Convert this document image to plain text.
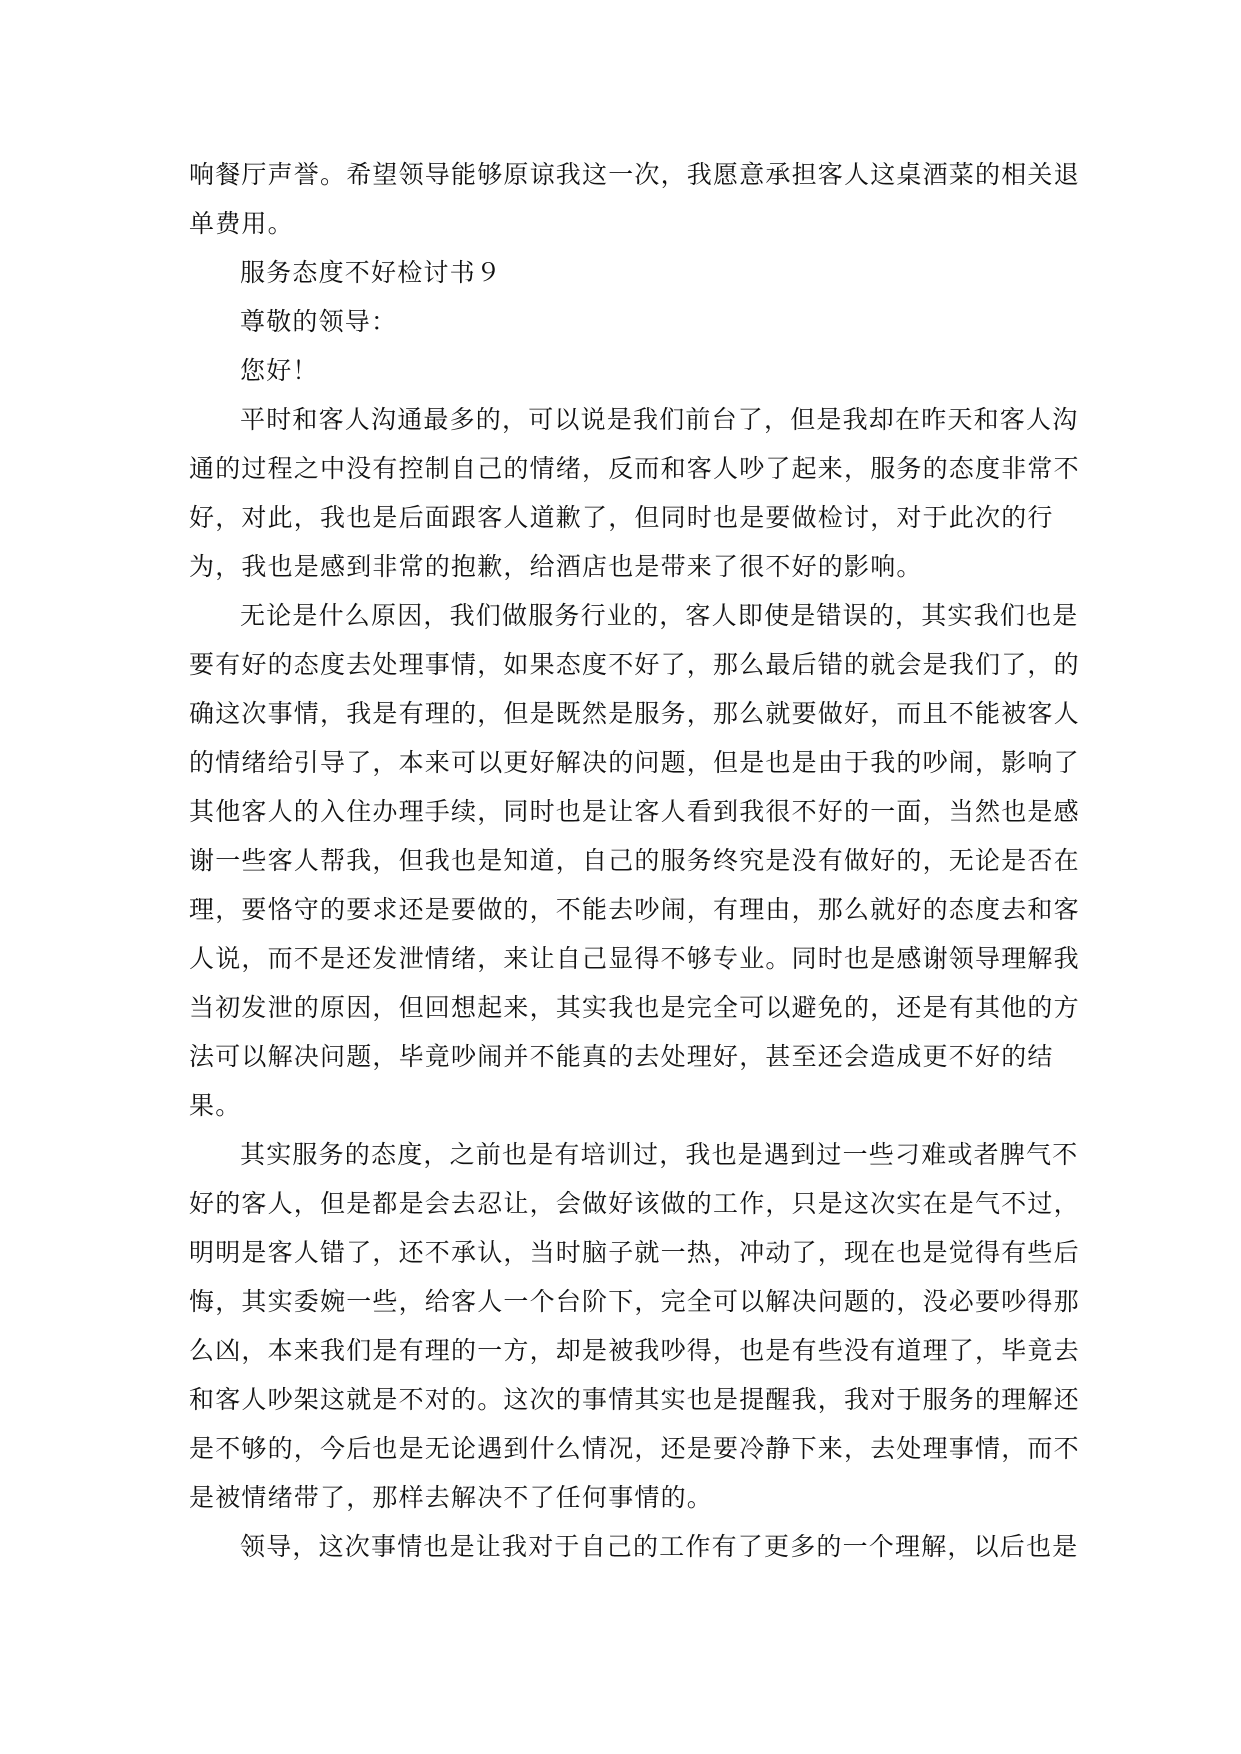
响餐厅声誉。希望领导能够原谅我这一次，我愿意承担客人这桌酒菜的相关退

单费用。

服务态度不好检讨书９

尊敬的领导：

您好！

平时和客人沟通最多的，可以说是我们前台了，但是我却在昨天和客人沟

通的过程之中没有控制自己的情绪，反而和客人吵了起来，服务的态度非常不

好，对此，我也是后面跟客人道歉了，但同时也是要做检讨，对于此次的行

为，我也是感到非常的抱歉，给酒店也是带来了很不好的影响。

无论是什么原因，我们做服务行业的，客人即使是错误的，其实我们也是

要有好的态度去处理事情，如果态度不好了，那么最后错的就会是我们了，的

确这次事情，我是有理的，但是既然是服务，那么就要做好，而且不能被客人

的情绪给引导了，本来可以更好解决的问题，但是也是由于我的吵闹，影响了

其他客人的入住办理手续，同时也是让客人看到我很不好的一面，当然也是感

谢一些客人帮我，但我也是知道，自己的服务终究是没有做好的，无论是否在

理，要恪守的要求还是要做的，不能去吵闹，有理由，那么就好的态度去和客

人说，而不是还发泄情绪，来让自己显得不够专业。同时也是感谢领导理解我

当初发泄的原因，但回想起来，其实我也是完全可以避免的，还是有其他的方

法可以解决问题，毕竟吵闹并不能真的去处理好，甚至还会造成更不好的结

果。

其实服务的态度，之前也是有培训过，我也是遇到过一些刁难或者脾气不

好的客人，但是都是会去忍让，会做好该做的工作，只是这次实在是气不过，

明明是客人错了，还不承认，当时脑子就一热，冲动了，现在也是觉得有些后

悔，其实委婉一些，给客人一个台阶下，完全可以解决问题的，没必要吵得那

么凶，本来我们是有理的一方，却是被我吵得，也是有些没有道理了，毕竟去

和客人吵架这就是不对的。这次的事情其实也是提醒我，我对于服务的理解还

是不够的，今后也是无论遇到什么情况，还是要冷静下来，去处理事情，而不

是被情绪带了，那样去解决不了任何事情的。

领导，这次事情也是让我对于自己的工作有了更多的一个理解，以后也是
